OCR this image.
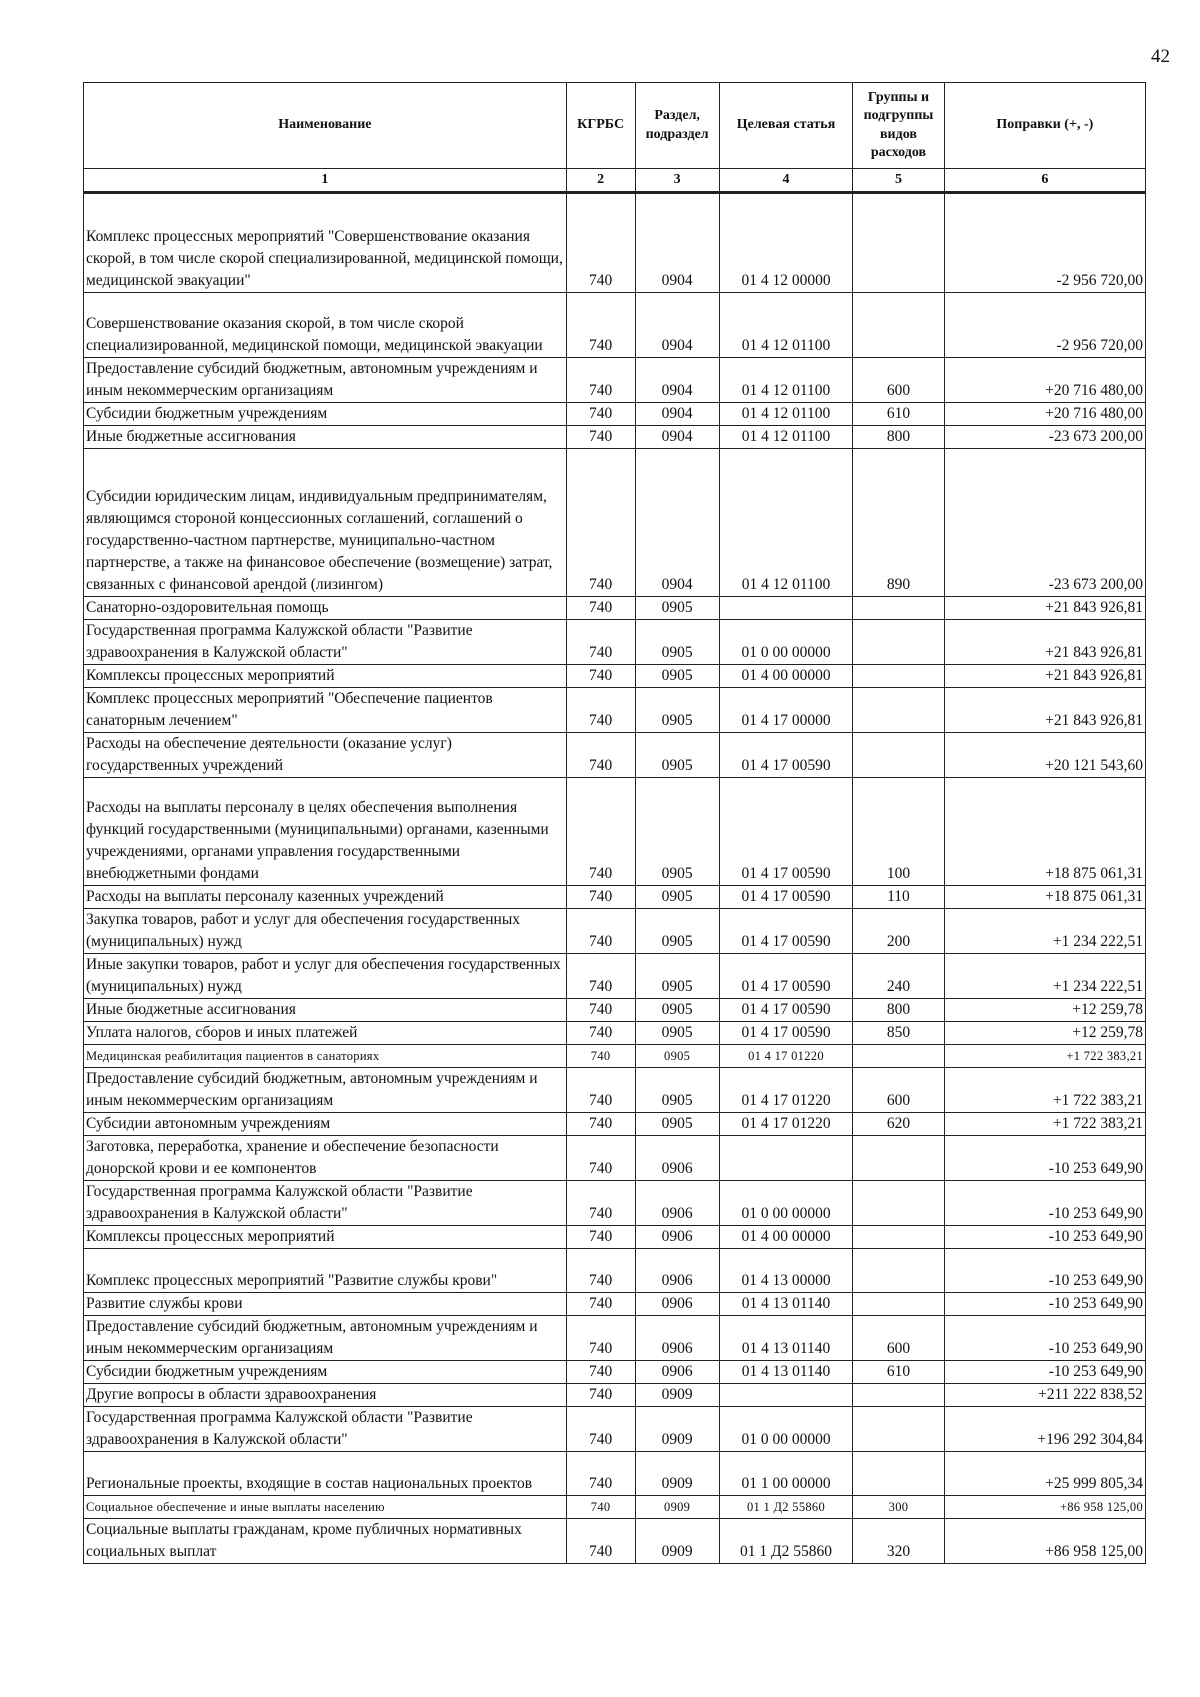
42
Наименование	КГРБС	Раздел, подраздел	Целевая статья	Группы и подгруппы видов расходов	Поправки (+, -)
1	2	3	4	5	6
Комплекс процессных мероприятий "Совершенствование оказания скорой, в том числе скорой специализированной, медицинской помощи, медицинской эвакуации"	740	0904	01 4 12 00000		-2 956 720,00
Совершенствование оказания скорой, в том числе скорой специализированной, медицинской помощи, медицинской эвакуации	740	0904	01 4 12 01100		-2 956 720,00
Предоставление субсидий бюджетным, автономным учреждениям и иным некоммерческим организациям	740	0904	01 4 12 01100	600	+20 716 480,00
Субсидии бюджетным учреждениям	740	0904	01 4 12 01100	610	+20 716 480,00
Иные бюджетные ассигнования	740	0904	01 4 12 01100	800	-23 673 200,00
Субсидии юридическим лицам, индивидуальным предпринимателям, являющимся стороной концессионных соглашений, соглашений о государственно-частном партнерстве, муниципально-частном партнерстве, а также на финансовое обеспечение (возмещение) затрат, связанных с финансовой арендой (лизингом)	740	0904	01 4 12 01100	890	-23 673 200,00
Санаторно-оздоровительная помощь	740	0905			+21 843 926,81
Государственная программа Калужской области "Развитие здравоохранения в Калужской области"	740	0905	01 0 00 00000		+21 843 926,81
Комплексы процессных мероприятий	740	0905	01 4 00 00000		+21 843 926,81
Комплекс процессных мероприятий "Обеспечение пациентов санаторным лечением"	740	0905	01 4 17 00000		+21 843 926,81
Расходы на обеспечение деятельности (оказание услуг) государственных учреждений	740	0905	01 4 17 00590		+20 121 543,60
Расходы на выплаты персоналу в целях обеспечения выполнения функций государственными (муниципальными) органами, казенными учреждениями, органами управления государственными внебюджетными фондами	740	0905	01 4 17 00590	100	+18 875 061,31
Расходы на выплаты персоналу казенных учреждений	740	0905	01 4 17 00590	110	+18 875 061,31
Закупка товаров, работ и услуг для обеспечения государственных (муниципальных) нужд	740	0905	01 4 17 00590	200	+1 234 222,51
Иные закупки товаров, работ и услуг для обеспечения государственных (муниципальных) нужд	740	0905	01 4 17 00590	240	+1 234 222,51
Иные бюджетные ассигнования	740	0905	01 4 17 00590	800	+12 259,78
Уплата налогов, сборов и иных платежей	740	0905	01 4 17 00590	850	+12 259,78
Медицинская реабилитация пациентов в санаториях	740	0905	01 4 17 01220		+1 722 383,21
Предоставление субсидий бюджетным, автономным учреждениям и иным некоммерческим организациям	740	0905	01 4 17 01220	600	+1 722 383,21
Субсидии автономным учреждениям	740	0905	01 4 17 01220	620	+1 722 383,21
Заготовка, переработка, хранение и обеспечение безопасности донорской крови и ее компонентов	740	0906			-10 253 649,90
Государственная программа Калужской области "Развитие здравоохранения в Калужской области"	740	0906	01 0 00 00000		-10 253 649,90
Комплексы процессных мероприятий	740	0906	01 4 00 00000		-10 253 649,90
Комплекс процессных мероприятий "Развитие службы крови"	740	0906	01 4 13 00000		-10 253 649,90
Развитие службы крови	740	0906	01 4 13 01140		-10 253 649,90
Предоставление субсидий бюджетным, автономным учреждениям и иным некоммерческим организациям	740	0906	01 4 13 01140	600	-10 253 649,90
Субсидии бюджетным учреждениям	740	0906	01 4 13 01140	610	-10 253 649,90
Другие вопросы в области здравоохранения	740	0909			+211 222 838,52
Государственная программа Калужской области "Развитие здравоохранения в Калужской области"	740	0909	01 0 00 00000		+196 292 304,84
Региональные проекты, входящие в состав национальных проектов	740	0909	01 1 00 00000		+25 999 805,34
Социальное обеспечение и иные выплаты населению	740	0909	01 1 Д2 55860	300	+86 958 125,00
Социальные выплаты гражданам, кроме публичных нормативных социальных выплат	740	0909	01 1 Д2 55860	320	+86 958 125,00
